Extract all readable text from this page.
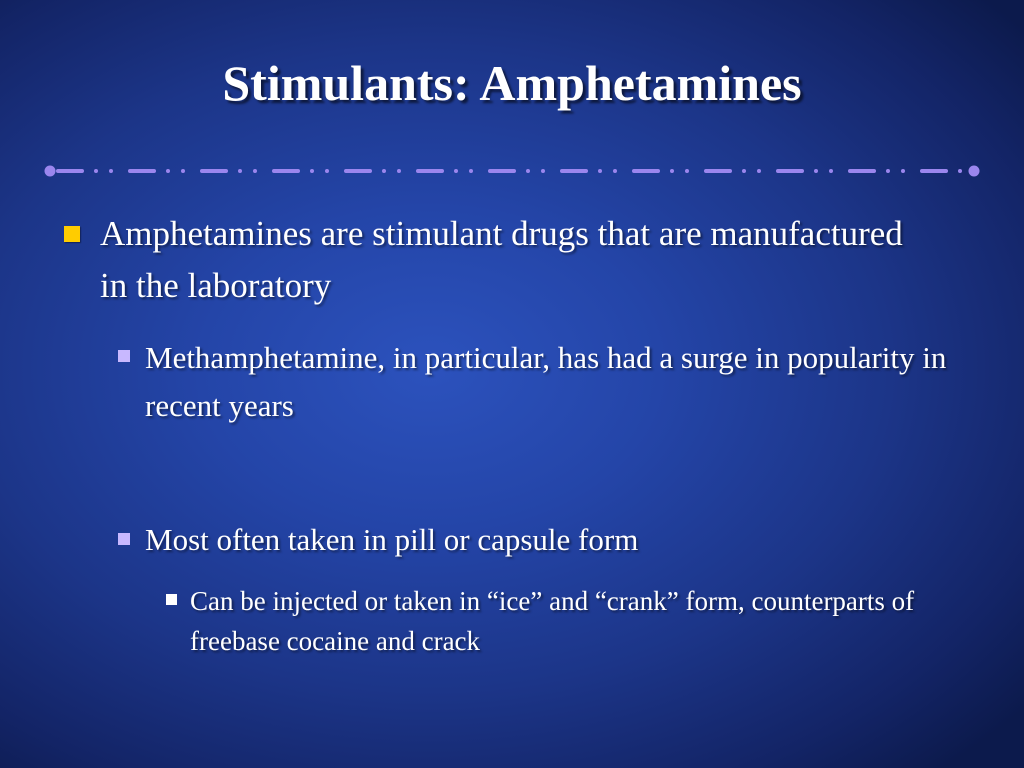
Stimulants: Amphetamines
Amphetamines are stimulant drugs that are manufactured in the laboratory
Methamphetamine, in particular, has had a surge in popularity in recent years
Most often taken in pill or capsule form
Can be injected or taken in “ice” and “crank” form, counterparts of freebase cocaine and crack
